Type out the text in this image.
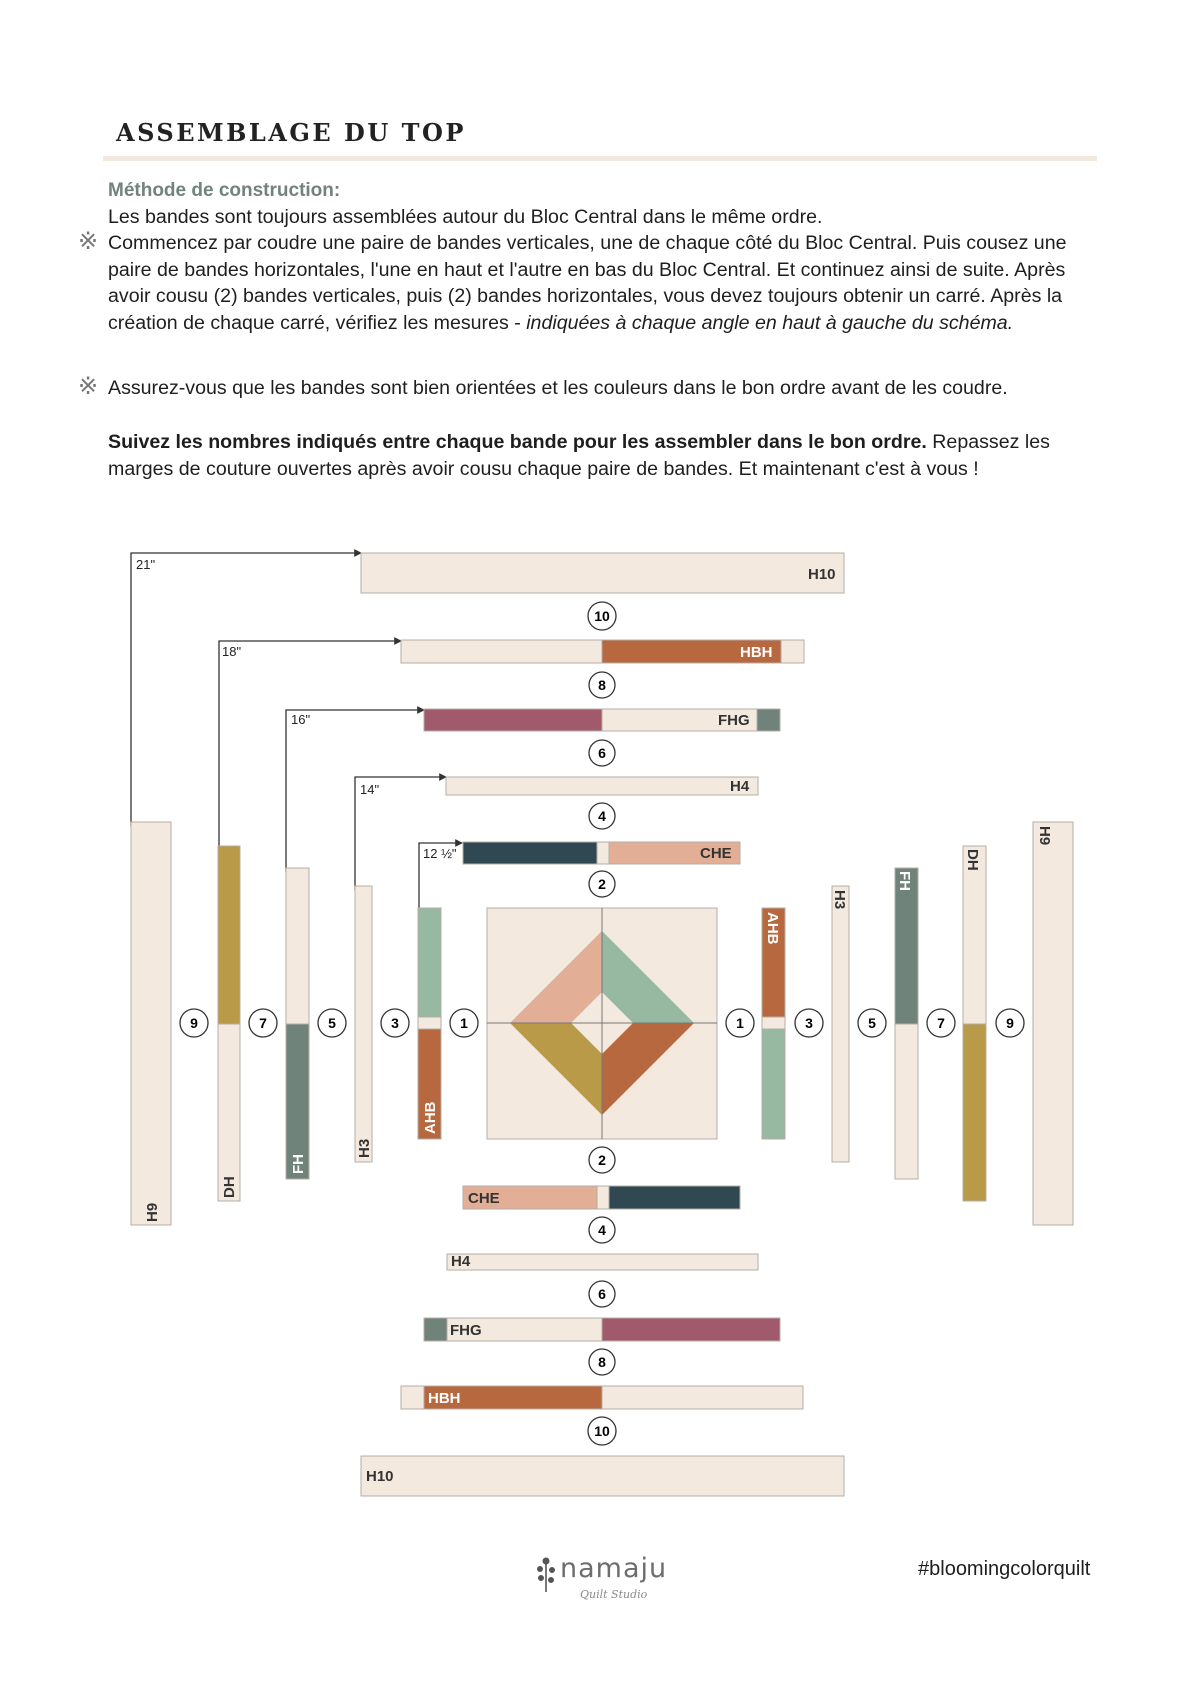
ASSEMBLAGE DU TOP
Méthode de construction:
Les bandes sont toujours assemblées autour du Bloc Central dans le même ordre.
※ Commencez par coudre une paire de bandes verticales, une de chaque côté du Bloc Central. Puis cousez une paire de bandes horizontales, l'une en haut et l'autre en bas du Bloc Central. Et continuez ainsi de suite. Après avoir cousu (2) bandes verticales, puis (2) bandes horizontales, vous devez toujours obtenir un carré. Après la création de chaque carré, vérifiez les mesures - indiquées à chaque angle en haut à gauche du schéma.
※ Assurez-vous que les bandes sont bien orientées et les couleurs dans le bon ordre avant de les coudre.
Suivez les nombres indiqués entre chaque bande pour les assembler dans le bon ordre. Repassez les marges de couture ouvertes après avoir cousu chaque paire de bandes. Et maintenant c'est à vous !
21"
18"
16"
14"
12 ½"
H10
HBH
FHG
H4
CHE
CHE
H4
FHG
HBH
H10
H9
DH
FH
H3
AHB
AHB
H3
FH
DH
H9
10
8
6
4
2
2
4
6
8
10
9	7	5	3	1	1	3	5	7	9
namaju
Quilt Studio
#bloomingcolorquilt
